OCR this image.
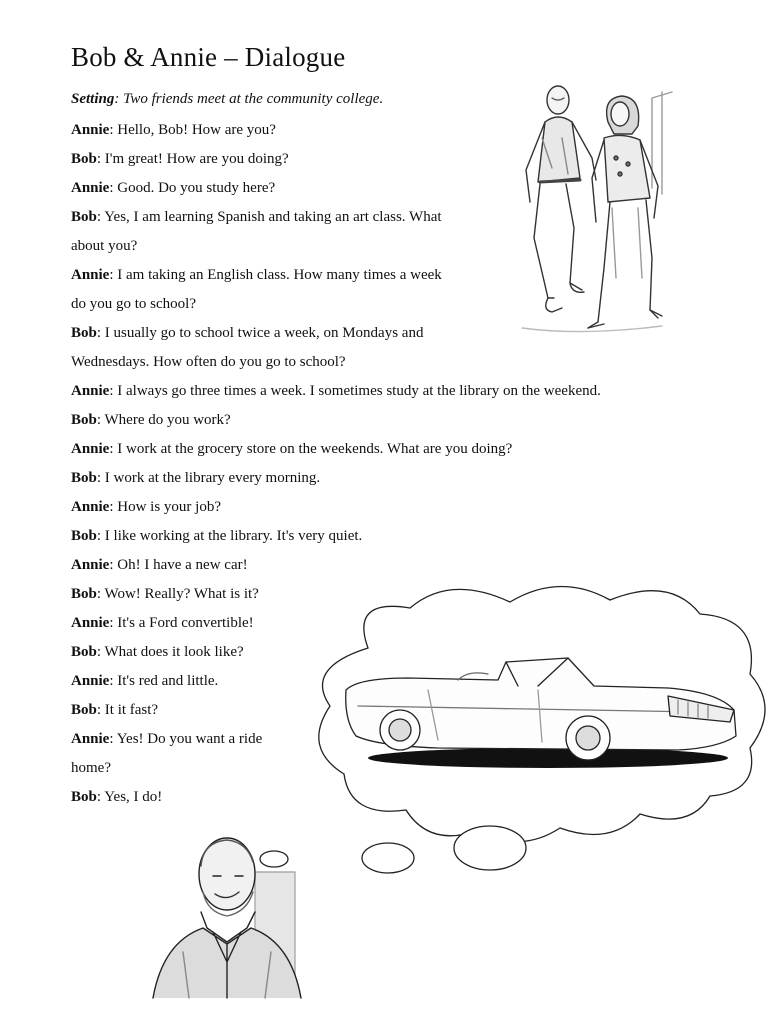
Bob & Annie – Dialogue
Setting: Two friends meet at the community college.
Annie: Hello, Bob! How are you?
Bob: I'm great! How are you doing?
Annie: Good. Do you study here?
Bob: Yes, I am learning Spanish and taking an art class. What
about you?
Annie: I am taking an English class. How many times a week
do you go to school?
Bob: I usually go to school twice a week, on Mondays and
Wednesdays. How often do you go to school?
Annie: I always go three times a week. I sometimes study at the library on the weekend.
Bob: Where do you work?
Annie: I work at the grocery store on the weekends. What are you doing?
Bob: I work at the library every morning.
Annie: How is your job?
Bob: I like working at the library. It's very quiet.
Annie: Oh! I have a new car!
Bob: Wow! Really? What is it?
Annie: It's a Ford convertible!
Bob: What does it look like?
Annie: It's red and little.
Bob: It it fast?
Annie: Yes! Do you want a ride
home?
Bob: Yes, I do!
